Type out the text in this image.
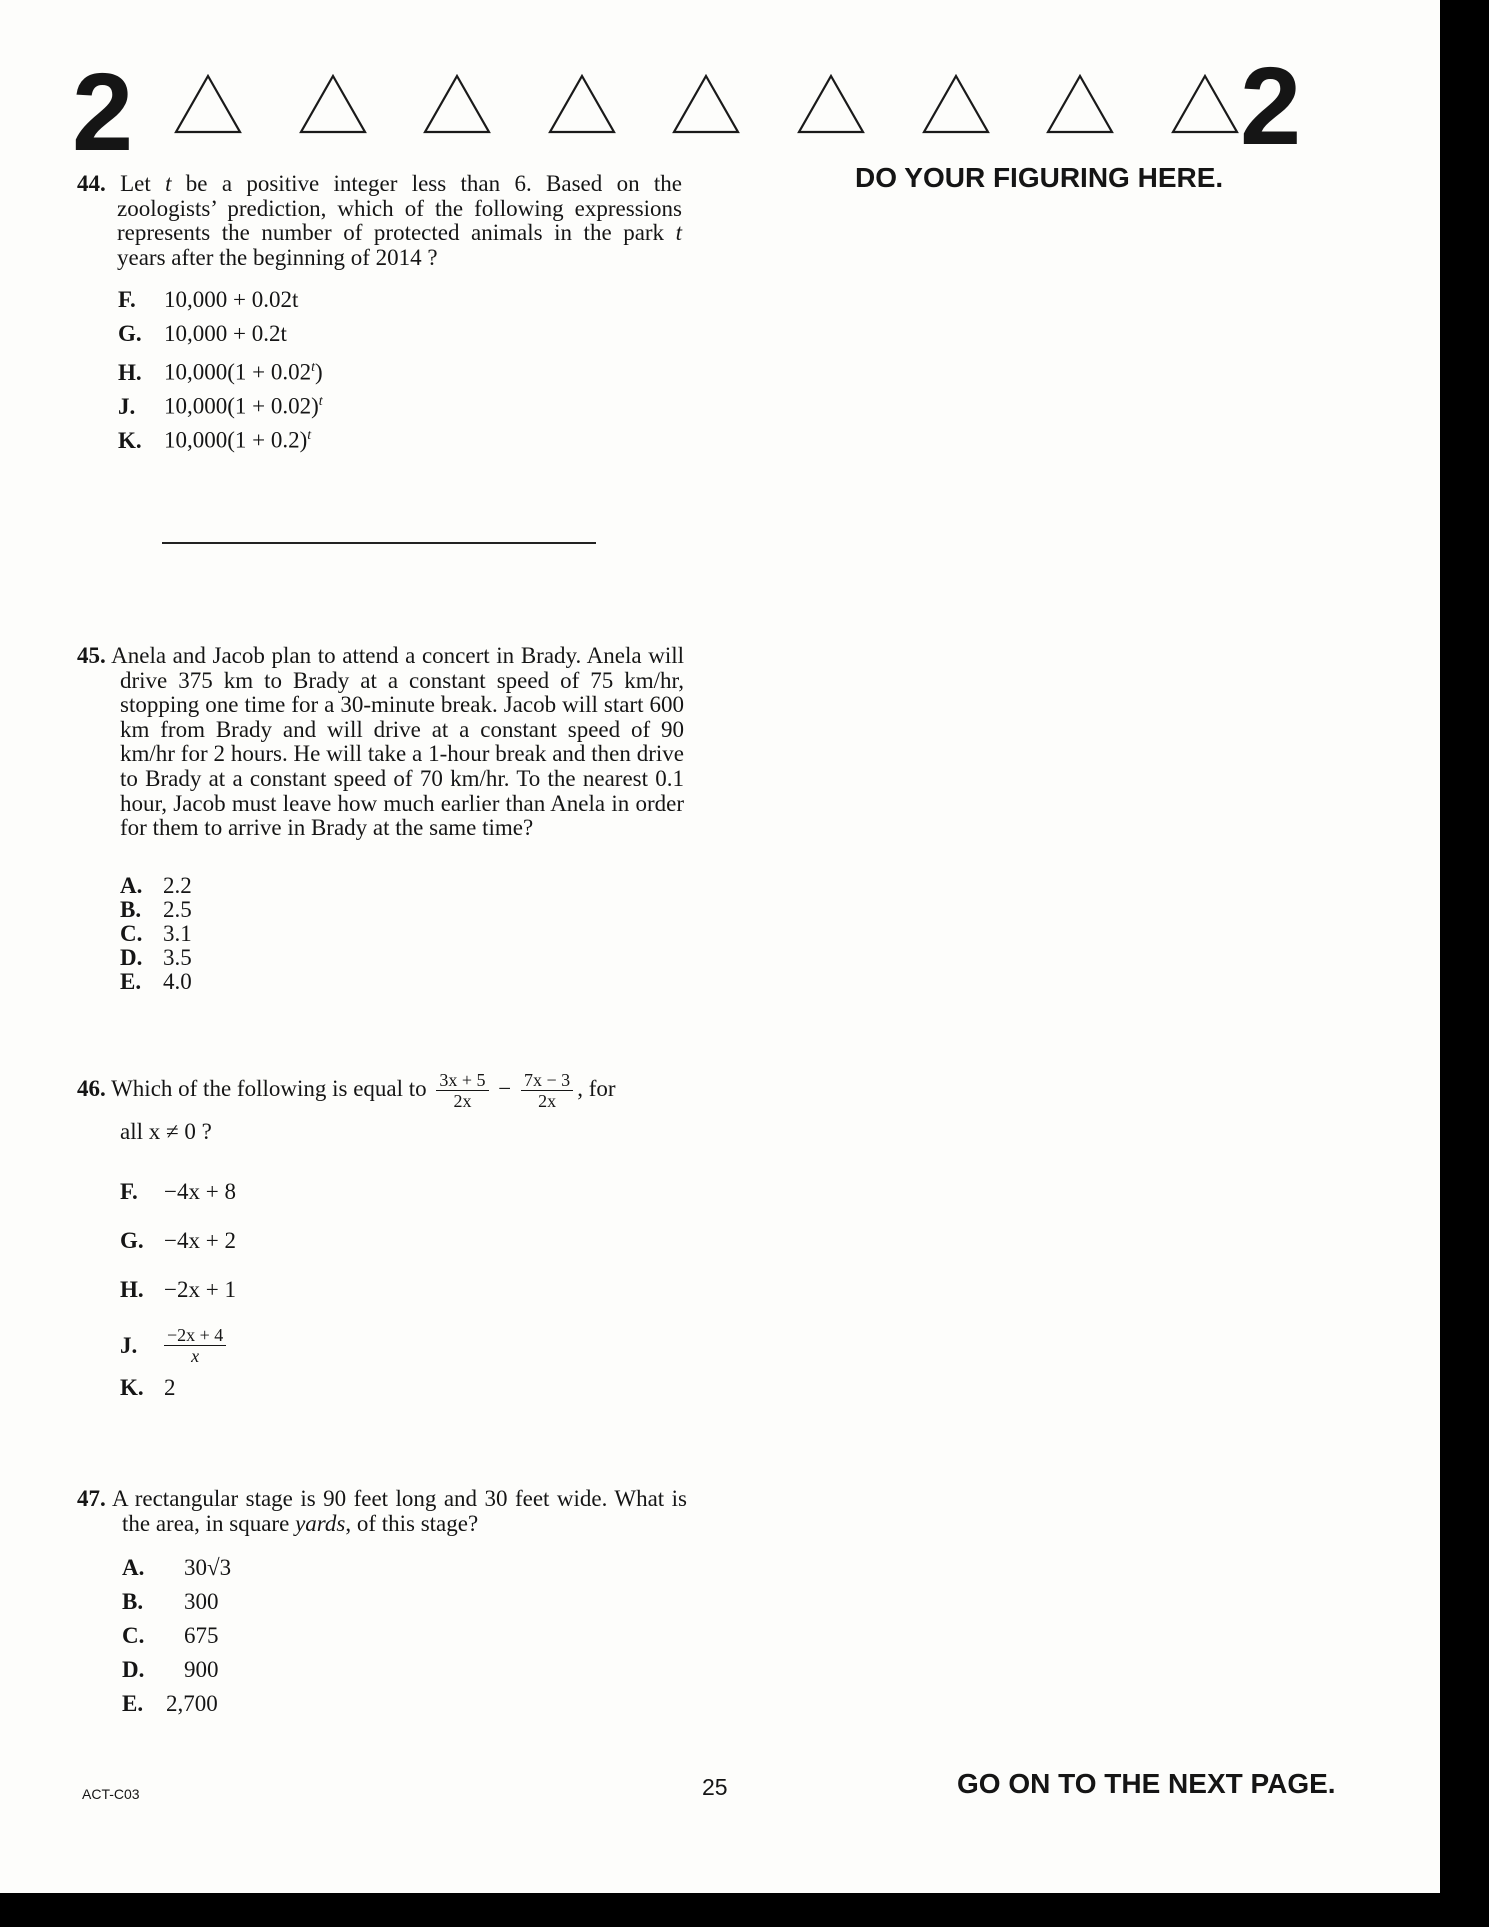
2	2
DO YOUR FIGURING HERE.
44. Let t be a positive integer less than 6. Based on the zoologists’ prediction, which of the following expressions represents the number of protected animals in the park t years after the beginning of 2014 ?
F. 10,000 + 0.02t
G. 10,000 + 0.2t
H. $10,000(1 + 0.02^t)$
J. $10,000(1 + 0.02)^t$
K. $10,000(1 + 0.2)^t$
45. Anela and Jacob plan to attend a concert in Brady. Anela will drive 375 km to Brady at a constant speed of 75 km/hr, stopping one time for a 30-minute break. Jacob will start 600 km from Brady and will drive at a constant speed of 90 km/hr for 2 hours. He will take a 1-hour break and then drive to Brady at a constant speed of 70 km/hr. To the nearest 0.1 hour, Jacob must leave how much earlier than Anela in order for them to arrive in Brady at the same time?
A. 2.2
B. 2.5
C. 3.1
D. 3.5
E. 4.0
46. Which of the following is equal to $\frac{3x + 5}{2x} - \frac{7x - 3}{2x}$ , for
all x ≠ 0 ?
F. −4x + 8
G. −4x + 2
H. −2x + 1
J. $\frac{-2x + 4}{x}$
K. 2
47. A rectangular stage is 90 feet long and 30 feet wide. What is the area, in square yards, of this stage?
A. 30√3
B. 300
C. 675
D. 900
E. 2,700
ACT-C03	25	GO ON TO THE NEXT PAGE.
